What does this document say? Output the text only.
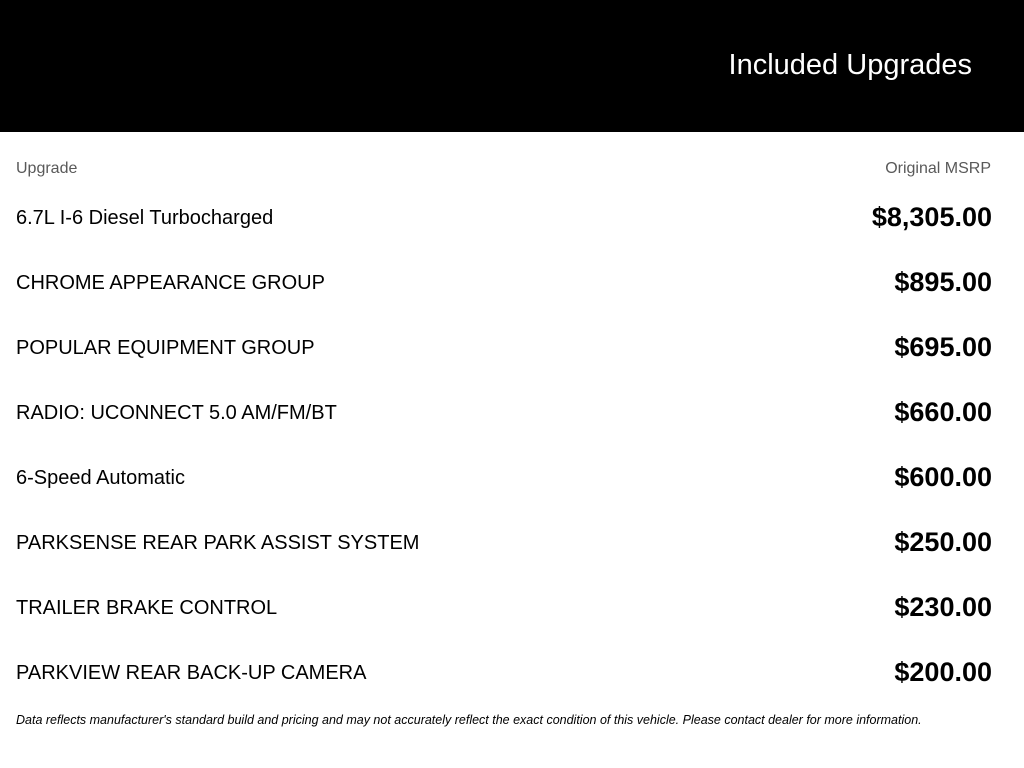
Included Upgrades
Upgrade	Original MSRP
6.7L I-6 Diesel Turbocharged	$8,305.00
CHROME APPEARANCE GROUP	$895.00
POPULAR EQUIPMENT GROUP	$695.00
RADIO: UCONNECT 5.0 AM/FM/BT	$660.00
6-Speed Automatic	$600.00
PARKSENSE REAR PARK ASSIST SYSTEM	$250.00
TRAILER BRAKE CONTROL	$230.00
PARKVIEW REAR BACK-UP CAMERA	$200.00
Data reflects manufacturer's standard build and pricing and may not accurately reflect the exact condition of this vehicle. Please contact dealer for more information.
